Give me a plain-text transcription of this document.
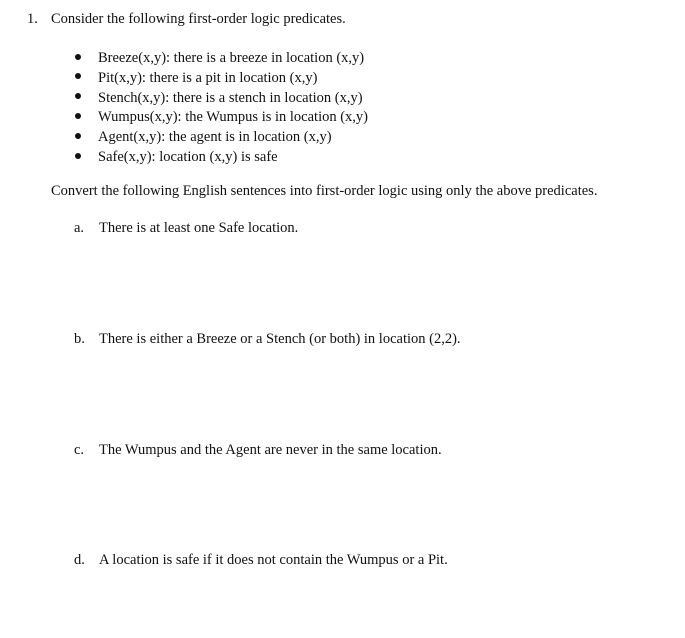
1. Consider the following first-order logic predicates.
Breeze(x,y): there is a breeze in location (x,y)
Pit(x,y): there is a pit in location (x,y)
Stench(x,y): there is a stench in location (x,y)
Wumpus(x,y): the Wumpus is in location (x,y)
Agent(x,y): the agent is in location (x,y)
Safe(x,y): location (x,y) is safe
Convert the following English sentences into first-order logic using only the above predicates.
a. There is at least one Safe location.
b. There is either a Breeze or a Stench (or both) in location (2,2).
c. The Wumpus and the Agent are never in the same location.
d. A location is safe if it does not contain the Wumpus or a Pit.
